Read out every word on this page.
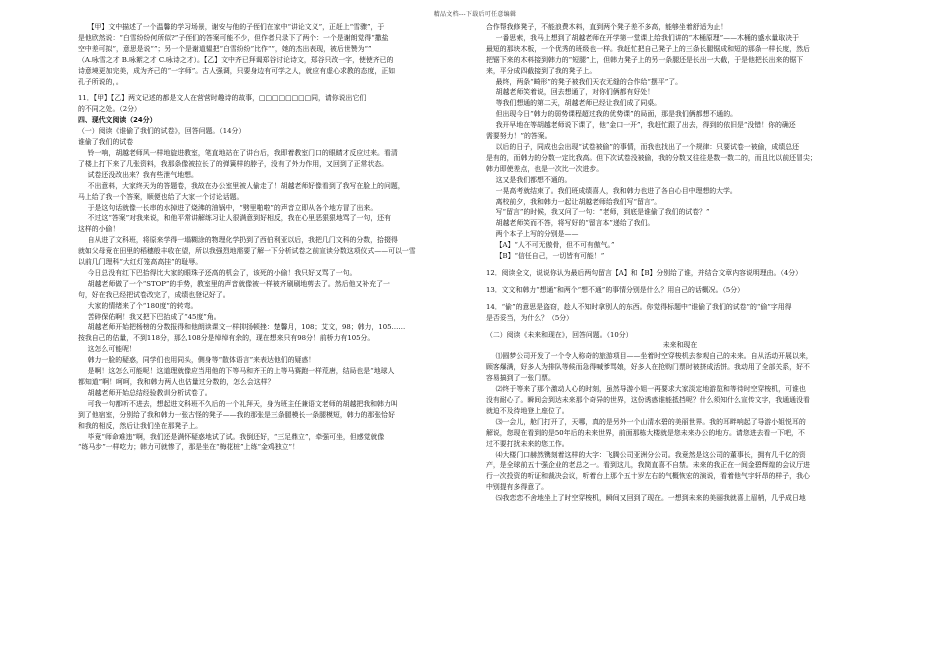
精品文档---下载后可任意编辑

【甲】文中描述了一个温馨的学习场景，谢安与他的子侄们在家中“讲论文义”，正赶上“雪骤”，于

是他欣然说：“白雪纷纷何所似?”子侄们的答案可能不少，但作者只录下了两个：一个是谢朗觉得“撒盐

空中差可拟”，意思是说“”；另一个是谢道韫把“白雪纷纷”比作“”，她的杰出表现，被后世赞为“”

（A.咏雪之才 B.咏絮之才 C.咏诗之才）。【乙】文中齐已拜谒郑谷讨论诗文，郑谷只改一字，使使齐已的

诗意境更加完美，成为齐己的“一字师”。古人强调，只要身边有可学之人，就应有虚心求教的态度，正如

孔子所说的，。

11．【甲】【乙】两文记述的都是文人在营营时趣诗的故事，□□□□□□□□同，请你说出它们

的不同之处。（2分）

四、现代文阅读（24分）

（一）阅读《谁偷了我们的试卷》，回答问题。（14分）

谁偷了我们的试卷

铃一响，胡越老师风一样地旋进教室，笔直地站在了讲台后，我即着教室门口的眼睛才反应过来。看清

了楼上打下来了几张资料，我那条像被拉长了的弹簧样的脖子，没有了外力作用，又回到了正常状态。

试卷还没改出来？我有些泄气地想。

不出意料，大家终天为的答题卷，我故在办公室里被人偷走了！胡越老师好像看到了我写在脸上的问题，

马上给了我一个答案，顺便也给了大家一个讨论话题。

于是这句话就像一长串的水掉进了烧沸的油锅中，“劈里啪啦”的声音立即从各个地方冒了出来。

不过这“答案”对我来说，和他平常讲解练习让人很满意到好相反，我在心里恶狠狠地骂了一句，还有

这样的小偷！

自从进了文科班，将原来学得一塌糊涂的物理化学扔到了西伯利亚以后，我把几门文科的分数，拾掇得

就如父母竟在田里的稻穗般丰收在望，所以我强烈地需要了解一下分析试卷之前宣读分数这项仪式——可以一雪

以前几门理科“大红灯笼高高挂”的耻辱。

今日总没有红下巴拾得比大家的眼珠子还高的机会了，该死的小偷！我只好又骂了一句。

胡越老师做了一个“STOP”的手势，教室里的声音就像被一样被齐刷刷地剪去了。然后他又补充了一

句，好在我已经把试卷改完了，成绩也登记好了。

大家的情绪来了个“180度”的转弯。

苦碎保佑啊！我又把下巴抬成了“45度”角。

胡越老师开始把杨榜的分数报得和他朗读课文一样抑扬顿挫：楚馨月，108；艾文，98；韩力，105……

按我自己的估量，不到118分，那么108分是绰绰有余的，现在想来只有98分！前桥力有105分。

这怎么可能呢！

韩力一脸的疑惑，同学们也用同头，侧身等“散体语言”来表达他们的疑惑！

是啊！这怎么可能呢！这道理就像应当用他的下等马和齐王的上等马赛跑一样荒唐，结局也是“地球人

都知道”啊！呵呵，我和韩力两人也估量过分数的，怎么会这样？

胡越老师开始总结经验教训分析试卷了。

可我一句都听不进去，想起进文科班不久后的一个礼拜天，身为班主任兼语文老师的胡越把我和韩力叫

到了他宿室，分别给了我和韩力一张古怪的凳子——我的那张是三条腿模长一条腿模短，韩力的那张恰好

和我的相反，然后让我们坐在那凳子上。

毕竟“师命难违”啊，我们还是满怀疑惑地试了试。我倒还好，“三足鼎立”，牵强可坐，但感觉就像

“练马步”一样吃力；韩力可就惨了，那是坐在“梅花桩”上练“金鸡独立”！

合作帮我修凳子，不能浪费木料，直到两个凳子差不多高，能够坐着舒适为止！

一番思索，我马上想到了胡越老师在开学第一堂课上给我们讲的“木桶原理”——木桶的盛水量取决于

最短的那块木板，一个优秀的班级也一样。我赶忙把自己凳子上的三条长腿锯成和短的那条一样长度，然后

把锯下来的木料接到韩力的“短腿”上，但韩力凳子上的另一条腿还是长出一大截，于是他把长出来的锯下

来，平分成四截接到了我的凳子上。

最终，两条“畸形”的凳子被我们天衣无缝的合作给“摆平”了。

胡越老师笑着说，回去想通了，对你们俩都有好处！

等我们想通的第二天，胡越老师已经让我们成了同桌。

但出现今日“韩力的弱势课程超过我的优势课”的局面，那是我们俩都想不通的。

我开早地在等胡越老师说下课了，他“金口一开”，我赶忙跟了出去，得到的依旧是“没错！你的确还

需要努力！”的答案。

以后的日子，同成也会出现“试卷被偷”的事情，而我也找出了一个规律：只要试卷一被偷，成绩总还

是有的，而韩力的分数一定比我高。但下次试卷没被偷，我的分数又往往是数一数二的，而且比以前还冒尖；

韩力即使差点，也是一次比一次进步。

这又是我们都想不通的。

一晃高考就结束了。我们班成绩喜人，我和韩力也进了各自心目中理想的大学。

离校前夕，我和韩力一起让胡越老师给我们写“留言”。

写“留言”的时候，我又问了一句：“老师，到底是谁偷了我们的试卷？”

胡越老师笑而不答，将写好的“留言本”递给了我们。

两个本子上写的分别是——

【A】“人不可无傲骨，但不可有傲气。”

【B】“信任自己，一切皆有可能！”

12．阅读全文，说说你认为最后两句留言【A】和【B】分别给了谁，并结合文章内容说明理由。（4分）

13．文文和韩力“想通”和两个“想不通”的事情分别是什么？用自己的话概况。（5分）

14．“偷”的意思是盗窃，趁人不知时拿别人的东西。你觉得标题中“谁偷了我们的试卷”的“偷”字用得

是否妥当，为什么？（5分）

（二）阅读《未来和现在》，回答问题。（10分）

未来和现在

⑴圆梦公司开发了一个令人称奇的旅游项目——坐着时空穿梭机去参观自己的未来。自从活动开展以来，

顾客爆满，好多人为排队等候而急得喊爹骂娘，好多人在抢购门票时被挤成活饼。我动用了全部关系，好不

容易搞到了一张门票。

⑵终于等来了那个激动人心的时刻，虽然导游小姐一再要求大家淡定地游览和等待时空穿梭机，可谁也

没有耐心了。瞬间会到达未来那个奇异的世界，这份诱惑谁能抵挡呢？什么须知什么宣传文字，我通通没看

就迫不及待地登上座位了。

⑶一会儿，舱门打开了，天哪，真的是另外一个山清水碧的美丽世界。我的耳畔响起了导游小姐悦耳的

解说，您现在看到的是50年后的未来世界，前面那栋大楼就是您未来办公的地方。请您进去看一下吧，不

过不要打扰未来的您工作。

⑷大楼门口赫然镌刻着这样的大字：飞腾公司亚洲分公司。我竟然是这公司的董事长，拥有几千亿的资

产，是全球前五十强企业的老总之一。看到这儿，我简直喜不自禁。未来的我正在一间金碧辉煌的会议厅进

行一次投资的听证和裁决会议，听着台上那个五十岁左右的气概恢宏的演说，看着他气宇轩昂的样子，我心

中别提有多得意了。

⑸我恋恋不舍地坐上了时空穿梭机，瞬间又回到了现在。一想到未来的美丽我就喜上眉梢，几乎成日地
